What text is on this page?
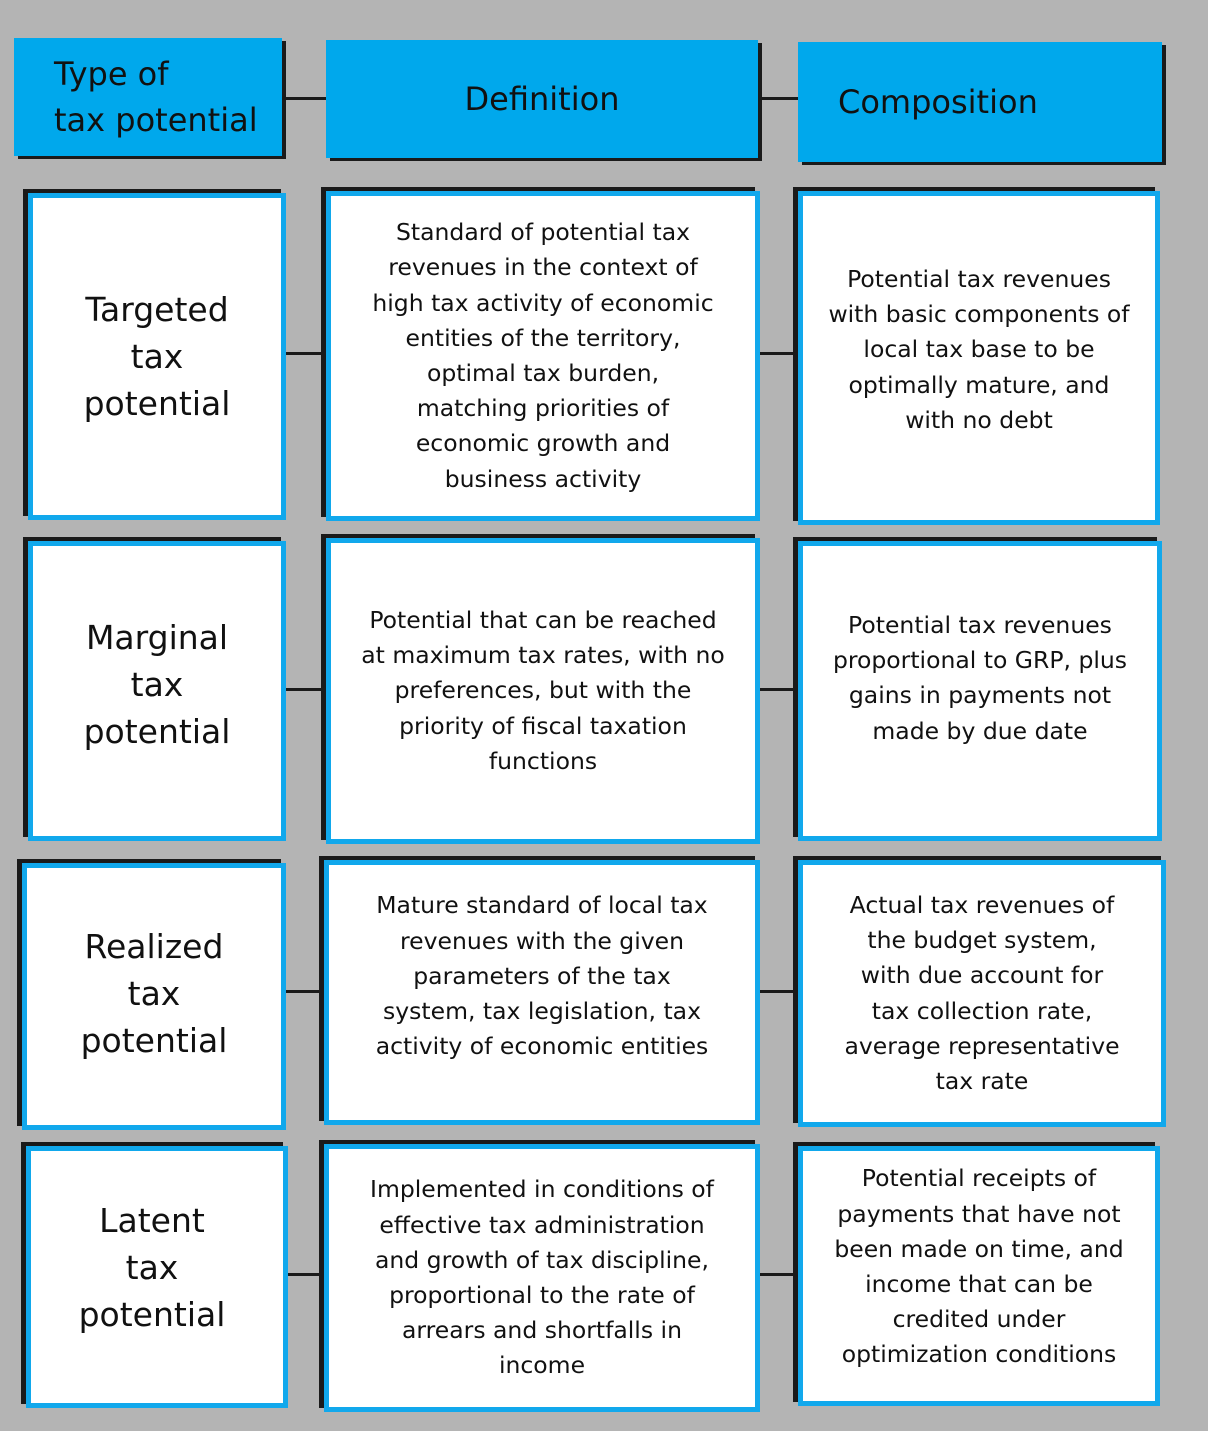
Type of
tax potential
Definition	Composition
Targeted
tax
potential
Standard of potential tax
revenues in the context of
high tax activity of economic
entities of the territory,
optimal tax burden,
matching priorities of
economic growth and
business activity
Potential tax revenues
with basic components of
local tax base to be
optimally mature, and
with no debt
Marginal
tax
potential
Potential that can be reached
at maximum tax rates, with no
preferences, but with the
priority of fiscal taxation
functions
Potential tax revenues
proportional to GRP, plus
gains in payments not
made by due date
Realized
tax
potential
Mature standard of local tax
revenues with the given
parameters of the tax
system, tax legislation, tax
activity of economic entities
Actual tax revenues of
the budget system,
with due account for
tax collection rate,
average representative
tax rate
Latent
tax
potential
Implemented in conditions of
effective tax administration
and growth of tax discipline,
proportional to the rate of
arrears and shortfalls in
income
Potential receipts of
payments that have not
been made on time, and
income that can be
credited under
optimization conditions
